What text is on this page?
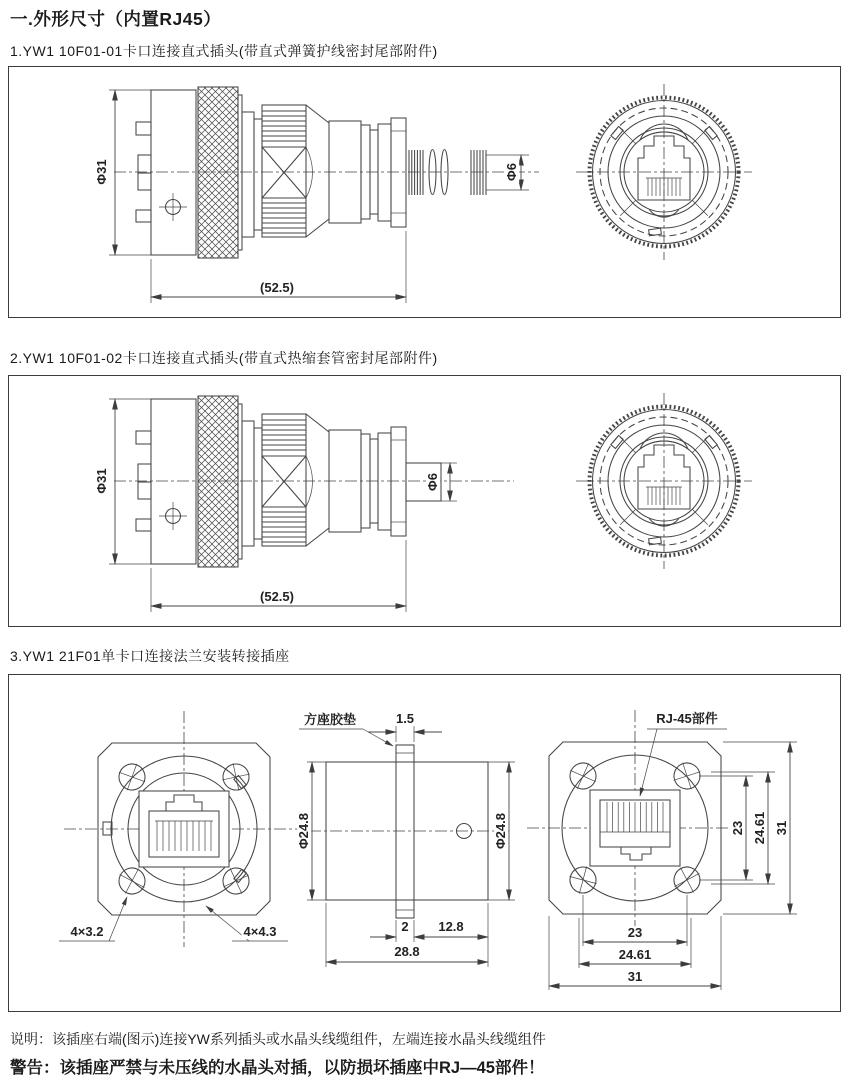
一.外形尺寸（内置RJ45）
1.YW1 10F01-01卡口连接直式插头(带直式弹簧护线密封尾部附件)
Φ31
(52.5)
Φ6
2.YW1 10F01-02卡口连接直式插头(带直式热缩套管密封尾部附件)
Φ31
(52.5)
Φ6
3.YW1 21F01单卡口连接法兰安装转接插座
4×3.2	4×4.3
方座胶垫	1.5
Φ24.8	Φ24.8
2 12.8
28.8
RJ-45部件
23 24.61 31
23
24.61
31
说明：该插座右端(图示)连接YW系列插头或水晶头线缆组件，左端连接水晶头线缆组件
警告：该插座严禁与未压线的水晶头对插，以防损坏插座中RJ—45部件！
